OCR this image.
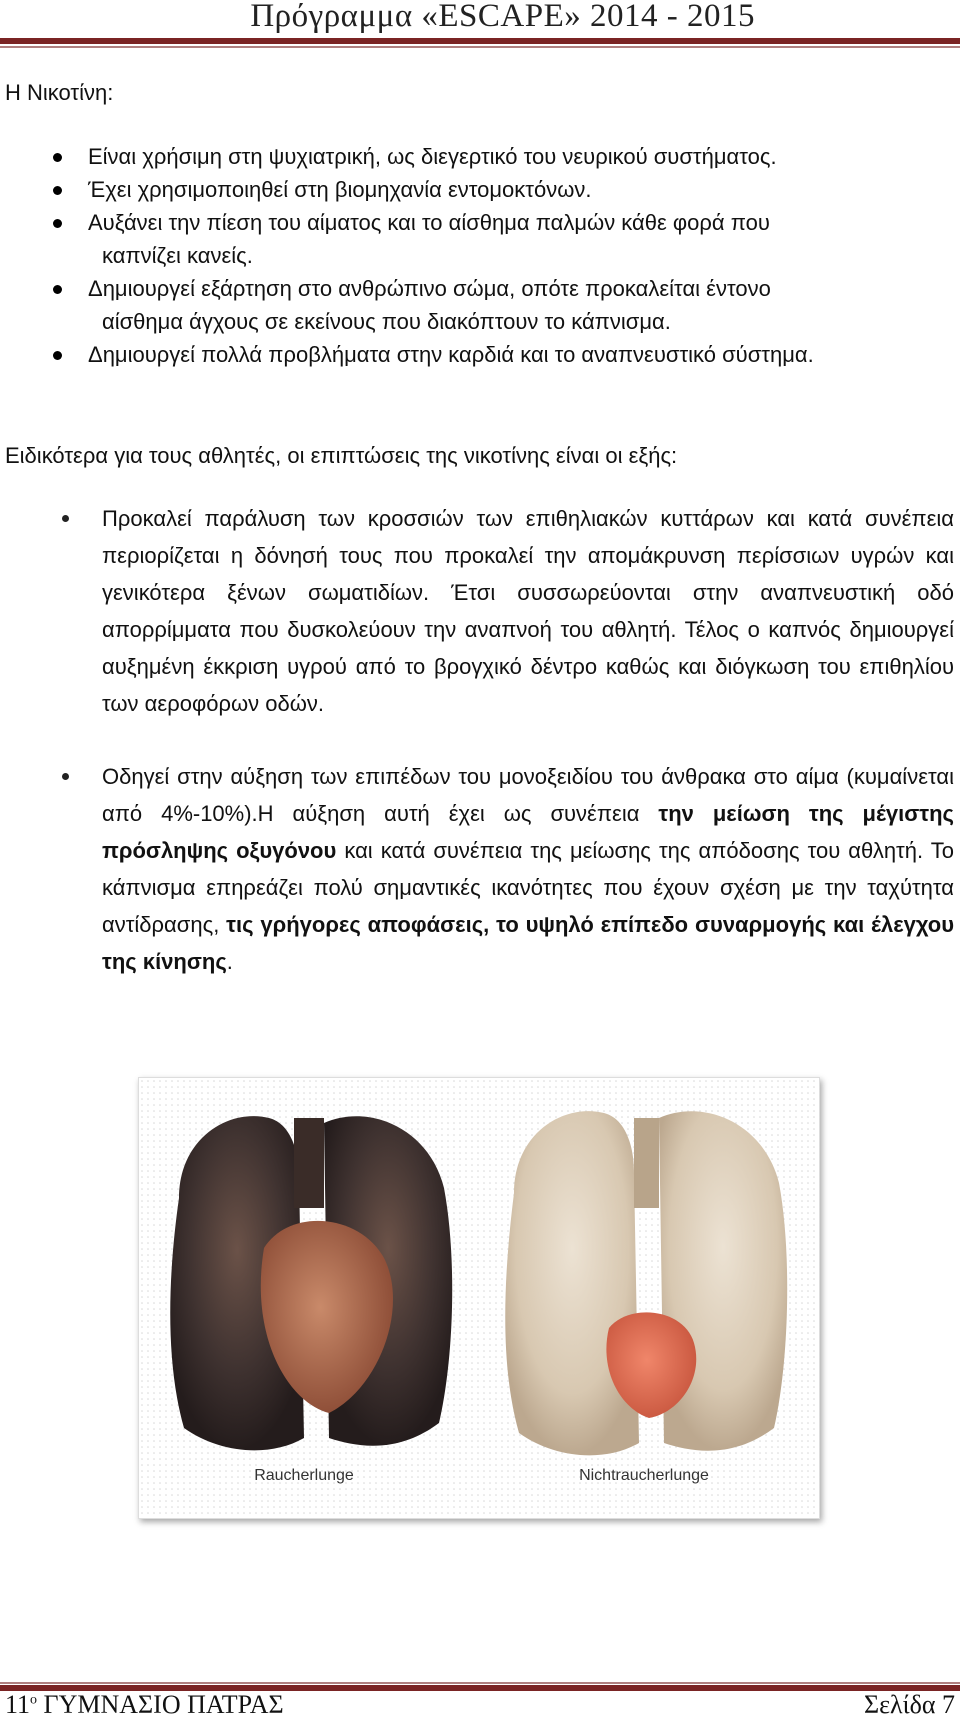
Πρόγραμμα «ESCAPE» 2014 - 2015
Η Νικοτίνη:
Είναι χρήσιμη στη ψυχιατρική, ως διεγερτικό του νευρικού συστήματος.
Έχει χρησιμοποιηθεί στη βιομηχανία εντομοκτόνων.
Αυξάνει την πίεση του αίματος και το αίσθημα παλμών κάθε φορά που
καπνίζει κανείς.
Δημιουργεί εξάρτηση στο ανθρώπινο σώμα, οπότε προκαλείται έντονο
αίσθημα άγχους σε εκείνους που διακόπτουν το κάπνισμα.
Δημιουργεί πολλά προβλήματα στην καρδιά και το αναπνευστικό σύστημα.
Ειδικότερα για τους αθλητές, οι επιπτώσεις της νικοτίνης είναι οι εξής:
Προκαλεί παράλυση των κροσσιών των επιθηλιακών κυττάρων και κατά συνέπεια περιορίζεται η δόνησή τους που προκαλεί την απομάκρυνση περίσσιων υγρών και γενικότερα ξένων σωματιδίων. Έτσι συσσωρεύονται στην αναπνευστική οδό απορρίμματα που δυσκολεύουν την αναπνοή του αθλητή. Τέλος ο καπνός δημιουργεί αυξημένη έκκριση υγρού από το βρογχικό δέντρο καθώς και διόγκωση του επιθηλίου των αεροφόρων οδών.
Οδηγεί στην αύξηση των επιπέδων του μονοξειδίου του άνθρακα στο αίμα (κυμαίνεται από 4%-10%).Η αύξηση αυτή έχει ως συνέπεια την μείωση της μέγιστης πρόσληψης οξυγόνου και κατά συνέπεια της μείωσης της απόδοσης του αθλητή. Το κάπνισμα επηρεάζει πολύ σημαντικές ικανότητες που έχουν σχέση με την ταχύτητα αντίδρασης, τις γρήγορες αποφάσεις, το υψηλό επίπεδο συναρμογής και έλεγχου της κίνησης.
Raucherlunge	Nichtraucherlunge
$11^o$ ΓΥΜΝΑΣΙΟ ΠΑΤΡΑΣ	Σελίδα 7
